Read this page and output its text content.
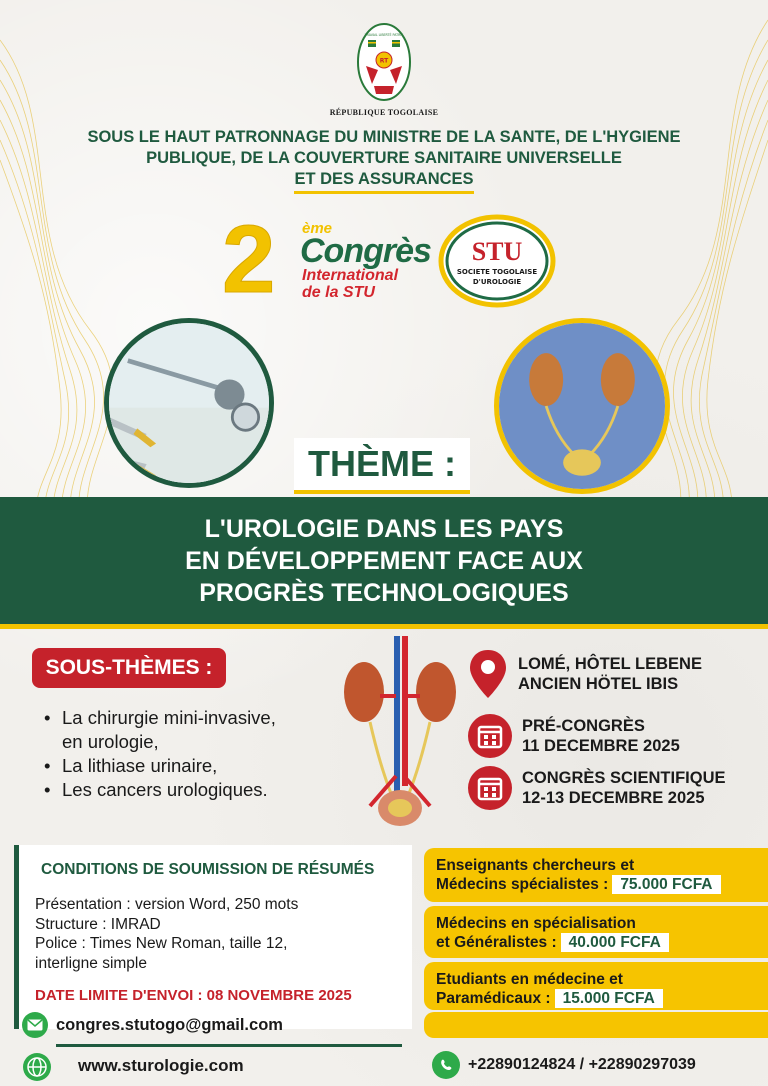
TRAVAIL LIBERTÉ PATRIE
RT
RÉPUBLIQUE TOGOLAISE
SOUS LE HAUT PATRONNAGE DU MINISTRE DE LA SANTE, DE L'HYGIENE
PUBLIQUE, DE LA COUVERTURE SANITAIRE UNIVERSELLE
ET DES ASSURANCES
2 ème
Congrès
International
de la STU
STU
SOCIETE TOGOLAISE
D'UROLOGIE
THÈME :
L'UROLOGIE DANS LES PAYS
EN DÉVELOPPEMENT FACE AUX
PROGRÈS TECHNOLOGIQUES
SOUS-THÈMES :
• La chirurgie mini-invasive,
en urologie,
• La lithiase urinaire,
• Les cancers urologiques.
LOMÉ, HÔTEL LEBENE
ANCIEN HÖTEL IBIS
PRÉ-CONGRÈS
11 DECEMBRE 2025
CONGRÈS SCIENTIFIQUE
12-13 DECEMBRE 2025
CONDITIONS DE SOUMISSION DE RÉSUMÉS
Présentation : version Word, 250 mots
Structure : IMRAD
Police : Times New Roman, taille 12,
interligne simple
DATE LIMITE D'ENVOI : 08 NOVEMBRE 2025
congres.stutogo@gmail.com
Enseignants chercheurs et
Médecins spécialistes : 75.000 FCFA
Médecins en spécialisation
et Généralistes : 40.000 FCFA
Etudiants en médecine et
Paramédicaux : 15.000 FCFA
www.sturologie.com	+22890124824 / +22890297039
